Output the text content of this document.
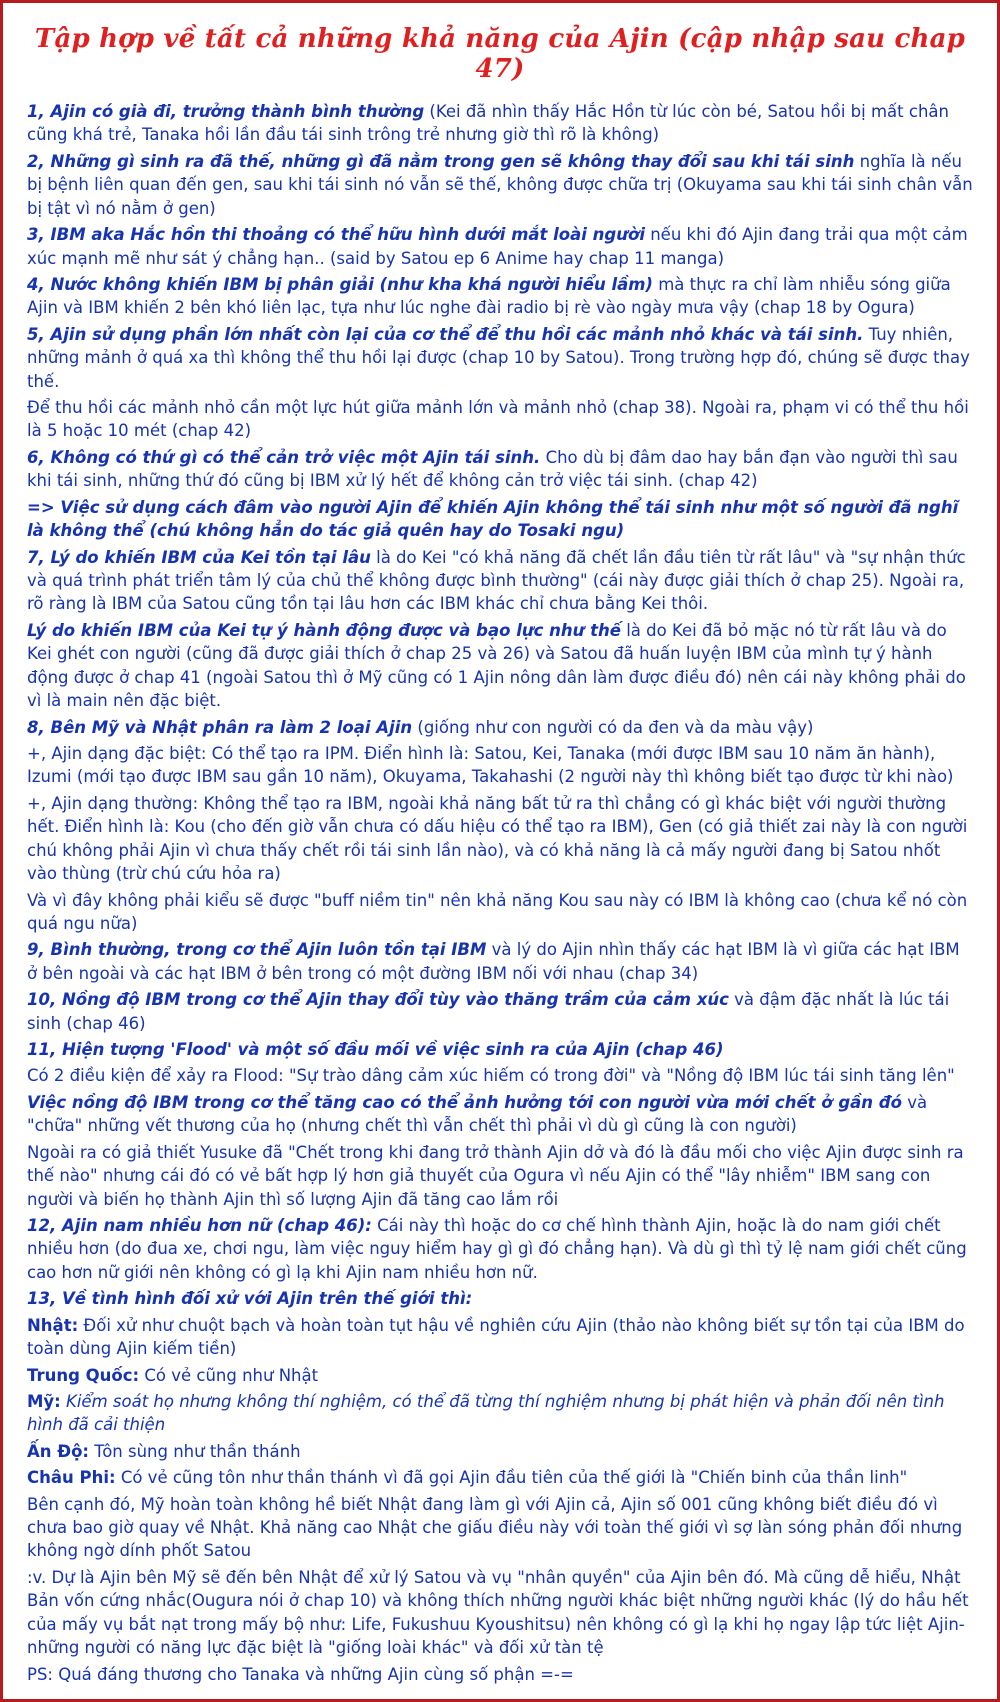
Tập hợp về tất cả những khả năng của Ajin (cập nhập sau chap 47)

1, Ajin có già đi, trưởng thành bình thường (Kei đã nhìn thấy Hắc Hồn từ lúc còn bé, Satou hồi bị mất chân cũng khá trẻ, Tanaka hồi lần đầu tái sinh trông trẻ nhưng giờ thì rõ là không)

2, Những gì sinh ra đã thế, những gì đã nằm trong gen sẽ không thay đổi sau khi tái sinh nghĩa là nếu bị bệnh liên quan đến gen, sau khi tái sinh nó vẫn sẽ thế, không được chữa trị (Okuyama sau khi tái sinh chân vẫn bị tật vì nó nằm ở gen)

3, IBM aka Hắc hồn thi thoảng có thể hữu hình dưới mắt loài người nếu khi đó Ajin đang trải qua một cảm xúc mạnh mẽ như sát ý chẳng hạn.. (said by Satou ep 6 Anime hay chap 11 manga)

4, Nước không khiến IBM bị phân giải (như kha khá người hiểu lầm) mà thực ra chỉ làm nhiễu sóng giữa Ajin và IBM khiến 2 bên khó liên lạc, tựa như lúc nghe đài radio bị rè vào ngày mưa vậy (chap 18 by Ogura)

5, Ajin sử dụng phần lớn nhất còn lại của cơ thể để thu hồi các mảnh nhỏ khác và tái sinh. Tuy nhiên, những mảnh ở quá xa thì không thể thu hồi lại được (chap 10 by Satou). Trong trường hợp đó, chúng sẽ được thay thế.

Để thu hồi các mảnh nhỏ cần một lực hút giữa mảnh lớn và mảnh nhỏ (chap 38). Ngoài ra, phạm vi có thể thu hồi là 5 hoặc 10 mét (chap 42)

6, Không có thứ gì có thể cản trở việc một Ajin tái sinh. Cho dù bị đâm dao hay bắn đạn vào người thì sau khi tái sinh, những thứ đó cũng bị IBM xử lý hết để không cản trở việc tái sinh. (chap 42)

=> Việc sử dụng cách đâm vào người Ajin để khiến Ajin không thể tái sinh như một số người đã nghĩ là không thể (chú không hẳn do tác giả quên hay do Tosaki ngu)

7, Lý do khiến IBM của Kei tồn tại lâu là do Kei "có khả năng đã chết lần đầu tiên từ rất lâu" và "sự nhận thức và quá trình phát triển tâm lý của chủ thể không được bình thường" (cái này được giải thích ở chap 25). Ngoài ra, rõ ràng là IBM của Satou cũng tồn tại lâu hơn các IBM khác chỉ chưa bằng Kei thôi.

Lý do khiến IBM của Kei tự ý hành động được và bạo lực như thế là do Kei đã bỏ mặc nó từ rất lâu và do Kei ghét con người (cũng đã được giải thích ở chap 25 và 26) và Satou đã huấn luyện IBM của mình tự ý hành động được ở chap 41 (ngoài Satou thì ở Mỹ cũng có 1 Ajin nông dân làm được điều đó) nên cái này không phải do vì là main nên đặc biệt.

8, Bên Mỹ và Nhật phân ra làm 2 loại Ajin (giống như con người có da đen và da màu vậy)

+, Ajin dạng đặc biệt: Có thể tạo ra IPM. Điển hình là: Satou, Kei, Tanaka (mới được IBM sau 10 năm ăn hành), Izumi (mới tạo được IBM sau gần 10 năm), Okuyama, Takahashi (2 người này thì không biết tạo được từ khi nào)

+, Ajin dạng thường: Không thể tạo ra IBM, ngoài khả năng bất tử ra thì chẳng có gì khác biệt với người thường hết. Điển hình là: Kou (cho đến giờ vẫn chưa có dấu hiệu có thể tạo ra IBM), Gen (có giả thiết zai này là con người chú không phải Ajin vì chưa thấy chết rồi tái sinh lần nào), và có khả năng là cả mấy người đang bị Satou nhốt vào thùng (trừ chú cứu hỏa ra)

Và vì đây không phải kiểu sẽ được "buff niềm tin" nên khả năng Kou sau này có IBM là không cao (chưa kể nó còn quá ngu nữa)

9, Bình thường, trong cơ thể Ajin luôn tồn tại IBM và lý do Ajin nhìn thấy các hạt IBM là vì giữa các hạt IBM ở bên ngoài và các hạt IBM ở bên trong có một đường IBM nối với nhau (chap 34)

10, Nồng độ IBM trong cơ thể Ajin thay đổi tùy vào thăng trầm của cảm xúc và đậm đặc nhất là lúc tái sinh (chap 46)

11, Hiện tượng 'Flood' và một số đầu mối về việc sinh ra của Ajin (chap 46)

Có 2 điều kiện để xảy ra Flood: "Sự trào dâng cảm xúc hiếm có trong đời" và "Nồng độ IBM lúc tái sinh tăng lên"

Việc nồng độ IBM trong cơ thể tăng cao có thể ảnh hưởng tới con người vừa mới chết ở gần đó và "chữa" những vết thương của họ (nhưng chết thì vẫn chết thì phải vì dù gì cũng là con người)

Ngoài ra có giả thiết Yusuke đã "Chết trong khi đang trở thành Ajin dở và đó là đầu mối cho việc Ajin được sinh ra thế nào" nhưng cái đó có vẻ bất hợp lý hơn giả thuyết của Ogura vì nếu Ajin có thể "lây nhiễm" IBM sang con người và biến họ thành Ajin thì số lượng Ajin đã tăng cao lắm rồi

12, Ajin nam nhiều hơn nữ (chap 46): Cái này thì hoặc do cơ chế hình thành Ajin, hoặc là do nam giới chết nhiều hơn (do đua xe, chơi ngu, làm việc nguy hiểm hay gì gì đó chẳng hạn). Và dù gì thì tỷ lệ nam giới chết cũng cao hơn nữ giới nên không có gì lạ khi Ajin nam nhiều hơn nữ.

13, Về tình hình đối xử với Ajin trên thế giới thì:

Nhật: Đối xử như chuột bạch và hoàn toàn tụt hậu về nghiên cứu Ajin (thảo nào không biết sự tồn tại của IBM do toàn dùng Ajin kiếm tiền)

Trung Quốc: Có vẻ cũng như Nhật

Mỹ: Kiểm soát họ nhưng không thí nghiệm, có thể đã từng thí nghiệm nhưng bị phát hiện và phản đối nên tình hình đã cải thiện

Ấn Độ: Tôn sùng như thần thánh

Châu Phi: Có vẻ cũng tôn như thần thánh vì đã gọi Ajin đầu tiên của thế giới là "Chiến binh của thần linh"

Bên cạnh đó, Mỹ hoàn toàn không hề biết Nhật đang làm gì với Ajin cả, Ajin số 001 cũng không biết điều đó vì chưa bao giờ quay về Nhật. Khả năng cao Nhật che giấu điều này với toàn thế giới vì sợ làn sóng phản đối nhưng không ngờ dính phốt Satou

:v. Dự là Ajin bên Mỹ sẽ đến bên Nhật để xử lý Satou và vụ "nhân quyền" của Ajin bên đó. Mà cũng dễ hiểu, Nhật Bản vốn cứng nhắc(Ougura nói ở chap 10) và không thích những người khác biệt những người khác (lý do hầu hết của mấy vụ bắt nạt trong mấy bộ như: Life, Fukushuu Kyoushitsu) nên không có gì lạ khi họ ngay lập tức liệt Ajin-những người có năng lực đặc biệt là "giống loài khác" và đối xử tàn tệ

PS: Quá đáng thương cho Tanaka và những Ajin cùng số phận =-=
